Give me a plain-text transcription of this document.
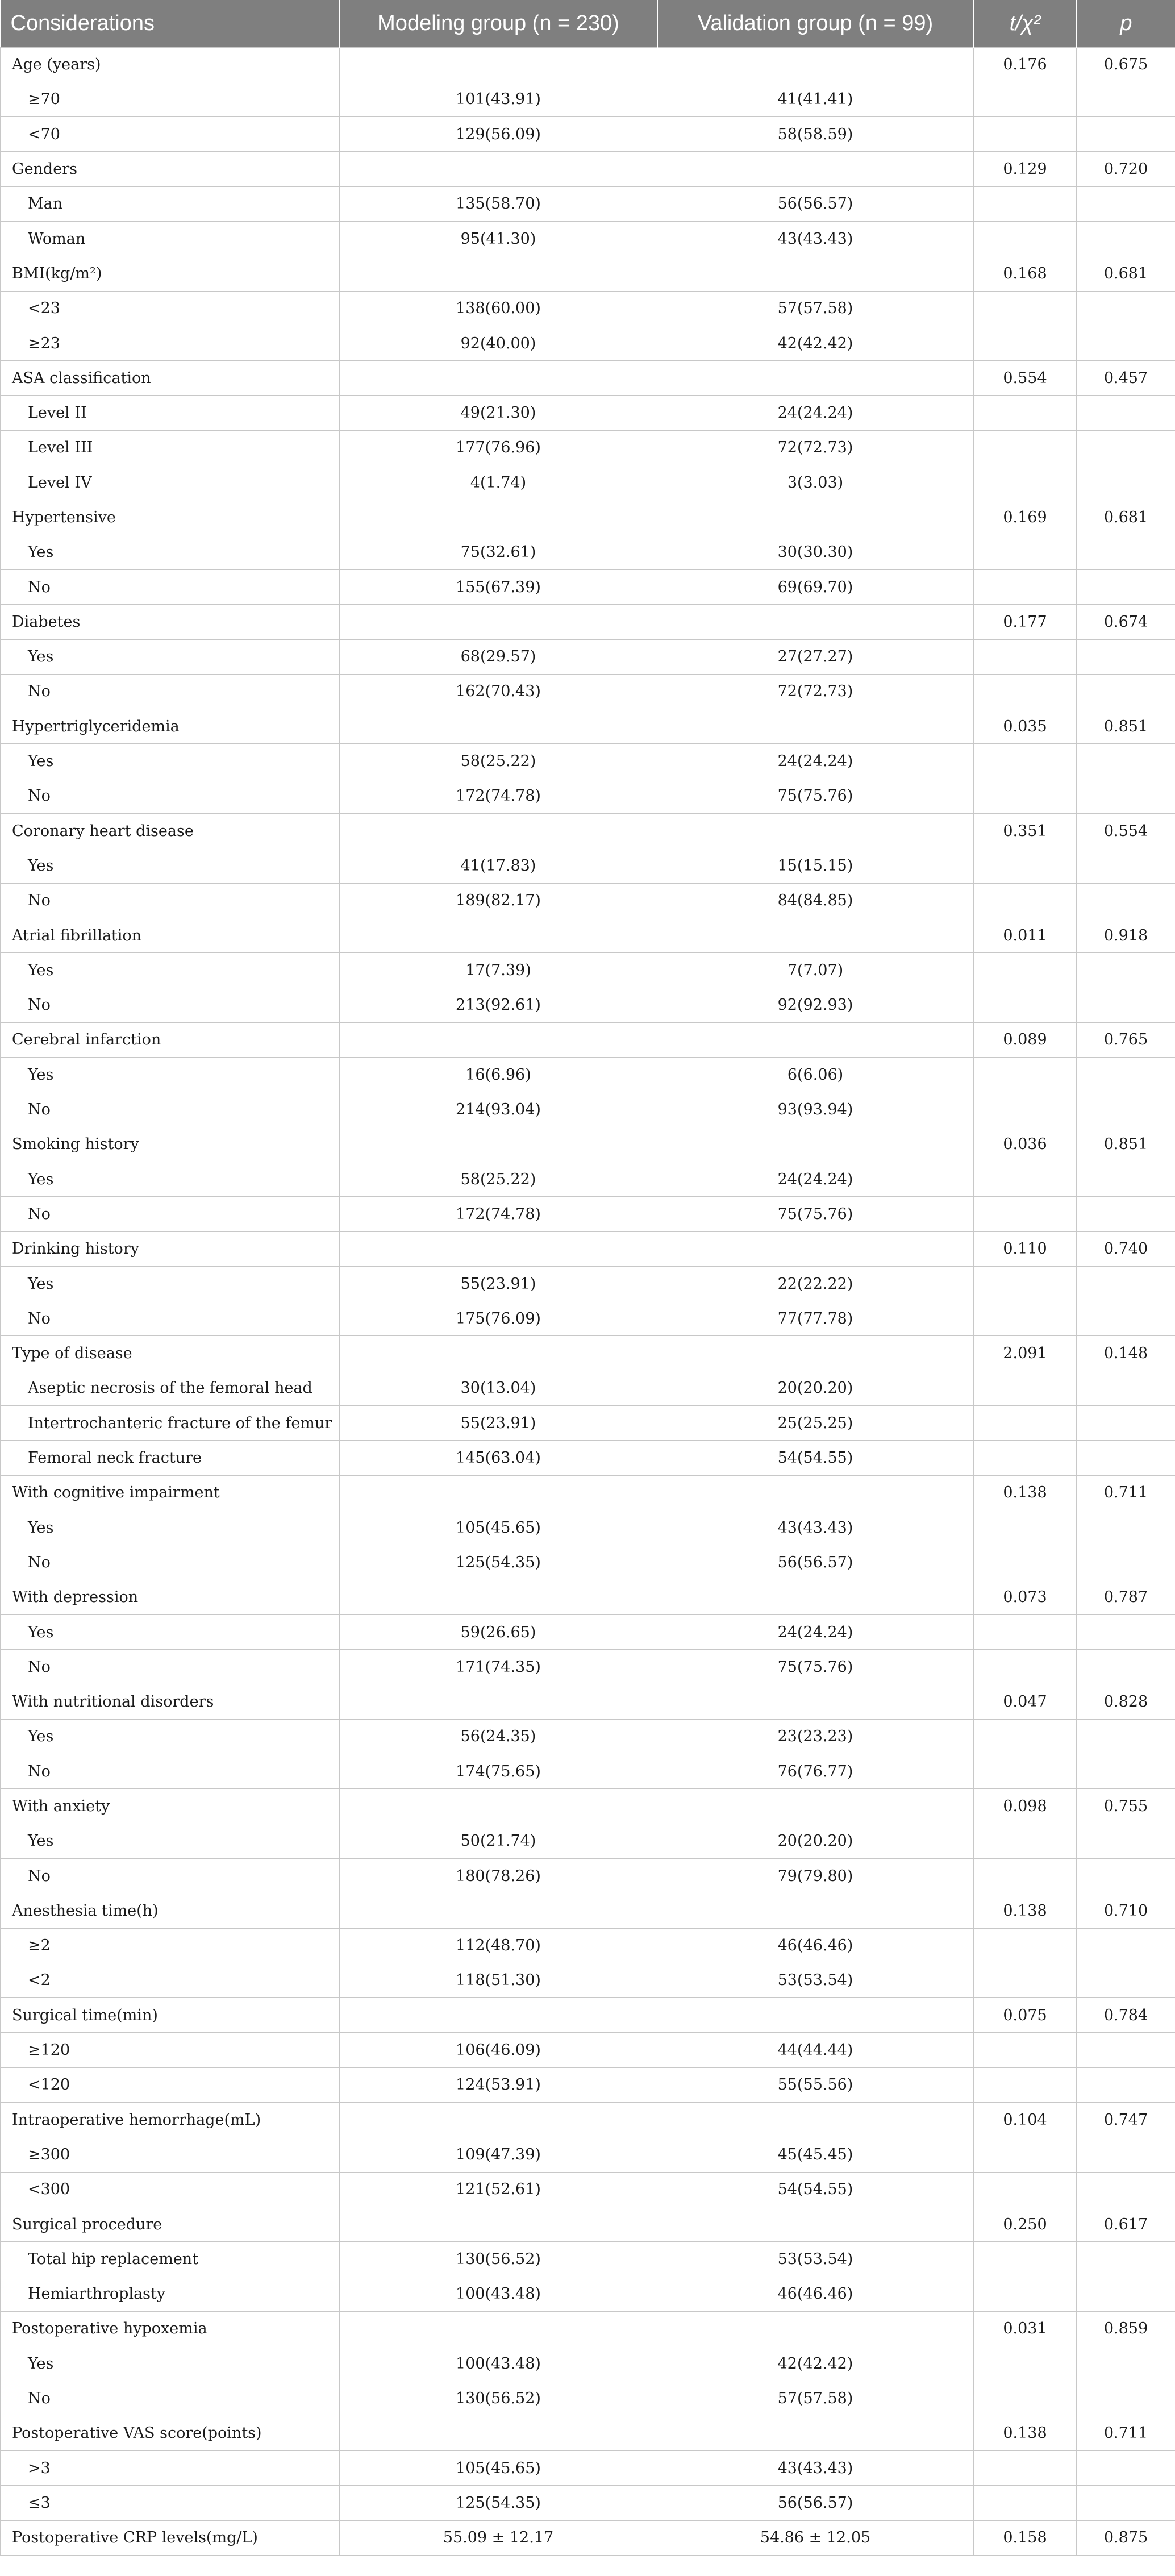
Considerations	Modeling group (n = 230)	Validation group (n = 99)	t/χ²	p
Age (years)			0.176	0.675
≥70	101(43.91)	41(41.41)		
<70	129(56.09)	58(58.59)		
Genders			0.129	0.720
Man	135(58.70)	56(56.57)		
Woman	95(41.30)	43(43.43)		
BMI(kg/m²)			0.168	0.681
<23	138(60.00)	57(57.58)		
≥23	92(40.00)	42(42.42)		
ASA classification			0.554	0.457
Level II	49(21.30)	24(24.24)		
Level III	177(76.96)	72(72.73)		
Level IV	4(1.74)	3(3.03)		
Hypertensive			0.169	0.681
Yes	75(32.61)	30(30.30)		
No	155(67.39)	69(69.70)		
Diabetes			0.177	0.674
Yes	68(29.57)	27(27.27)		
No	162(70.43)	72(72.73)		
Hypertriglyceridemia			0.035	0.851
Yes	58(25.22)	24(24.24)		
No	172(74.78)	75(75.76)		
Coronary heart disease			0.351	0.554
Yes	41(17.83)	15(15.15)		
No	189(82.17)	84(84.85)		
Atrial fibrillation			0.011	0.918
Yes	17(7.39)	7(7.07)		
No	213(92.61)	92(92.93)		
Cerebral infarction			0.089	0.765
Yes	16(6.96)	6(6.06)		
No	214(93.04)	93(93.94)		
Smoking history			0.036	0.851
Yes	58(25.22)	24(24.24)		
No	172(74.78)	75(75.76)		
Drinking history			0.110	0.740
Yes	55(23.91)	22(22.22)		
No	175(76.09)	77(77.78)		
Type of disease			2.091	0.148
Aseptic necrosis of the femoral head	30(13.04)	20(20.20)		
Intertrochanteric fracture of the femur	55(23.91)	25(25.25)		
Femoral neck fracture	145(63.04)	54(54.55)		
With cognitive impairment			0.138	0.711
Yes	105(45.65)	43(43.43)		
No	125(54.35)	56(56.57)		
With depression			0.073	0.787
Yes	59(26.65)	24(24.24)		
No	171(74.35)	75(75.76)		
With nutritional disorders			0.047	0.828
Yes	56(24.35)	23(23.23)		
No	174(75.65)	76(76.77)		
With anxiety			0.098	0.755
Yes	50(21.74)	20(20.20)		
No	180(78.26)	79(79.80)		
Anesthesia time(h)			0.138	0.710
≥2	112(48.70)	46(46.46)		
<2	118(51.30)	53(53.54)		
Surgical time(min)			0.075	0.784
≥120	106(46.09)	44(44.44)		
<120	124(53.91)	55(55.56)		
Intraoperative hemorrhage(mL)			0.104	0.747
≥300	109(47.39)	45(45.45)		
<300	121(52.61)	54(54.55)		
Surgical procedure			0.250	0.617
Total hip replacement	130(56.52)	53(53.54)		
Hemiarthroplasty	100(43.48)	46(46.46)		
Postoperative hypoxemia			0.031	0.859
Yes	100(43.48)	42(42.42)		
No	130(56.52)	57(57.58)		
Postoperative VAS score(points)			0.138	0.711
>3	105(45.65)	43(43.43)		
≤3	125(54.35)	56(56.57)		
Postoperative CRP levels(mg/L)	55.09 ± 12.17	54.86 ± 12.05	0.158	0.875
